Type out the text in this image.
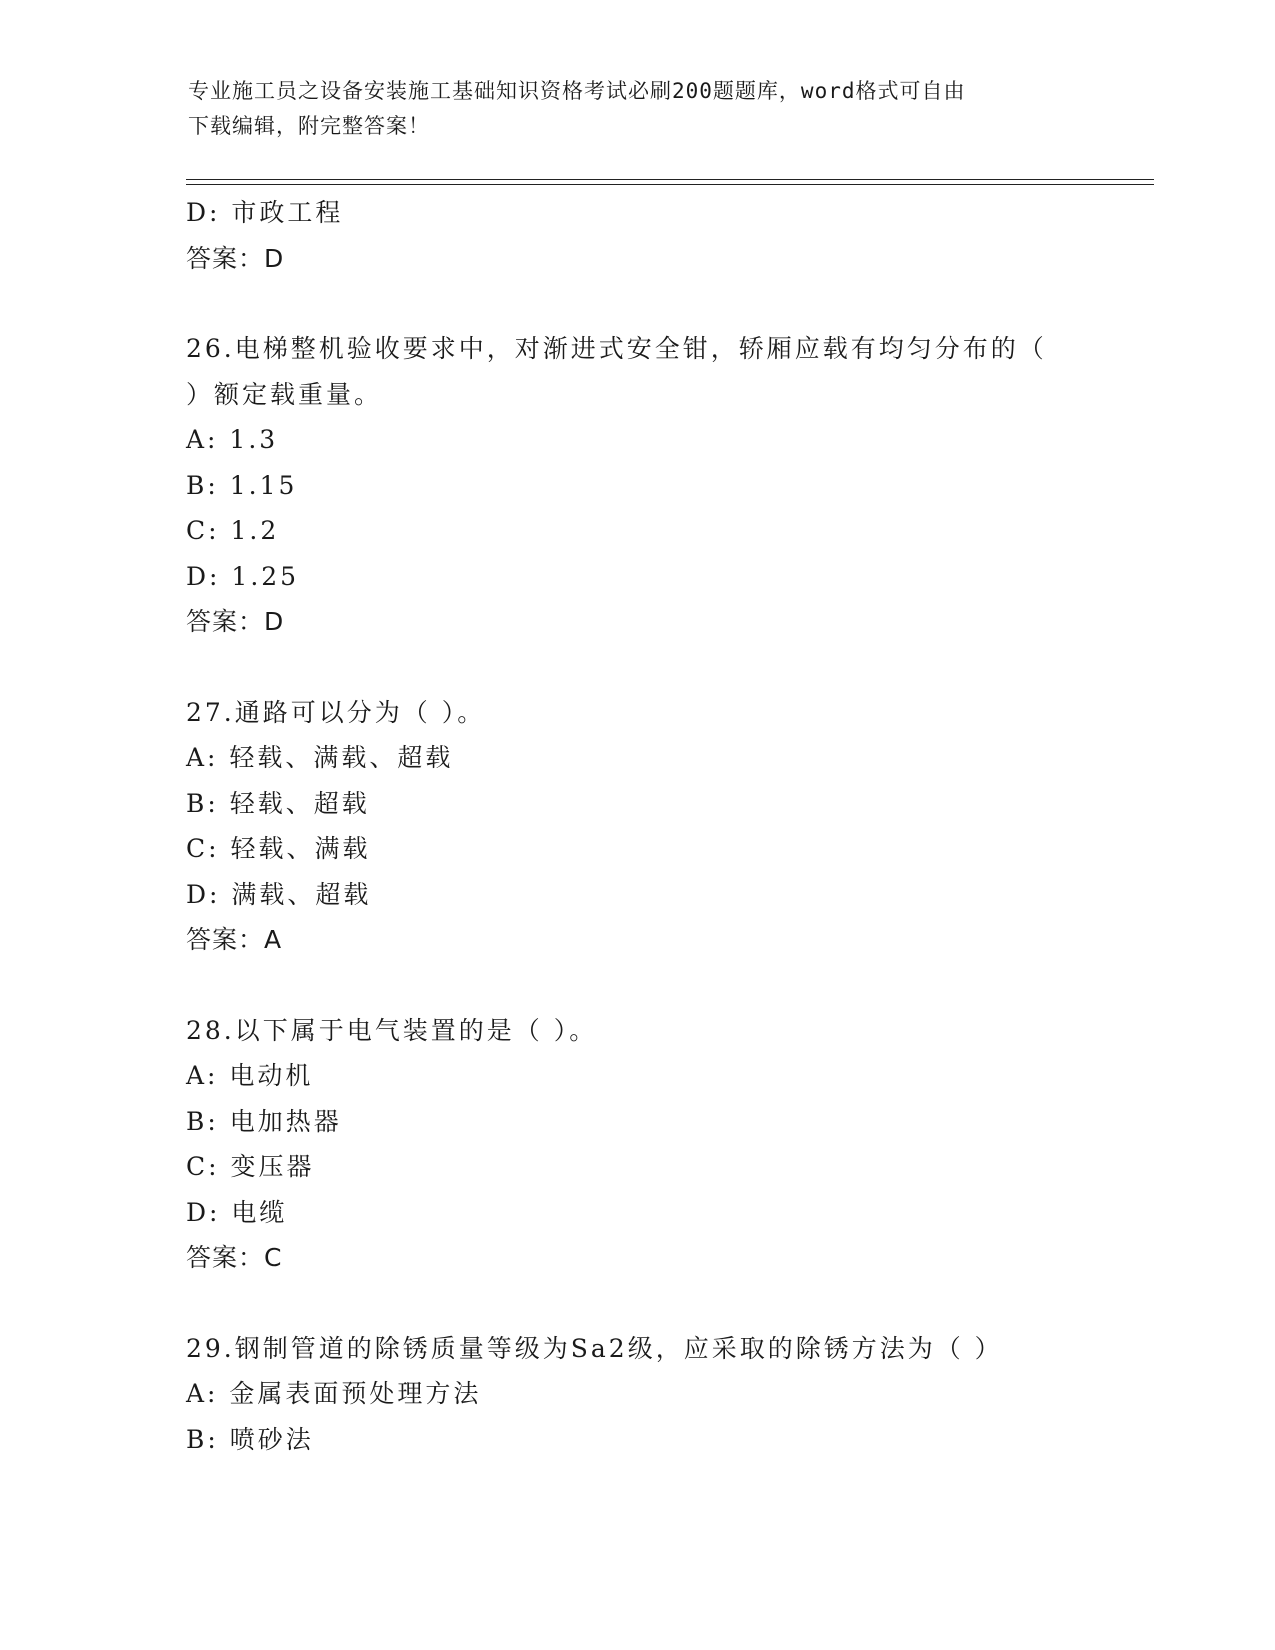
专业施工员之设备安装施工基础知识资格考试必刷200题题库，word格式可自由
下载编辑，附完整答案！
D: 市政工程
答案：D
26.电梯整机验收要求中，对渐进式安全钳，轿厢应载有均匀分布的（
）额定载重量。
A: 1.3
B: 1.15
C: 1.2
D: 1.25
答案：D
27.通路可以分为（ ）。
A: 轻载、满载、超载
B: 轻载、超载
C: 轻载、满载
D: 满载、超载
答案：A
28.以下属于电气装置的是（ ）。
A: 电动机
B: 电加热器
C: 变压器
D: 电缆
答案：C
29.钢制管道的除锈质量等级为Sa2级，应采取的除锈方法为（ ）
A: 金属表面预处理方法
B: 喷砂法
